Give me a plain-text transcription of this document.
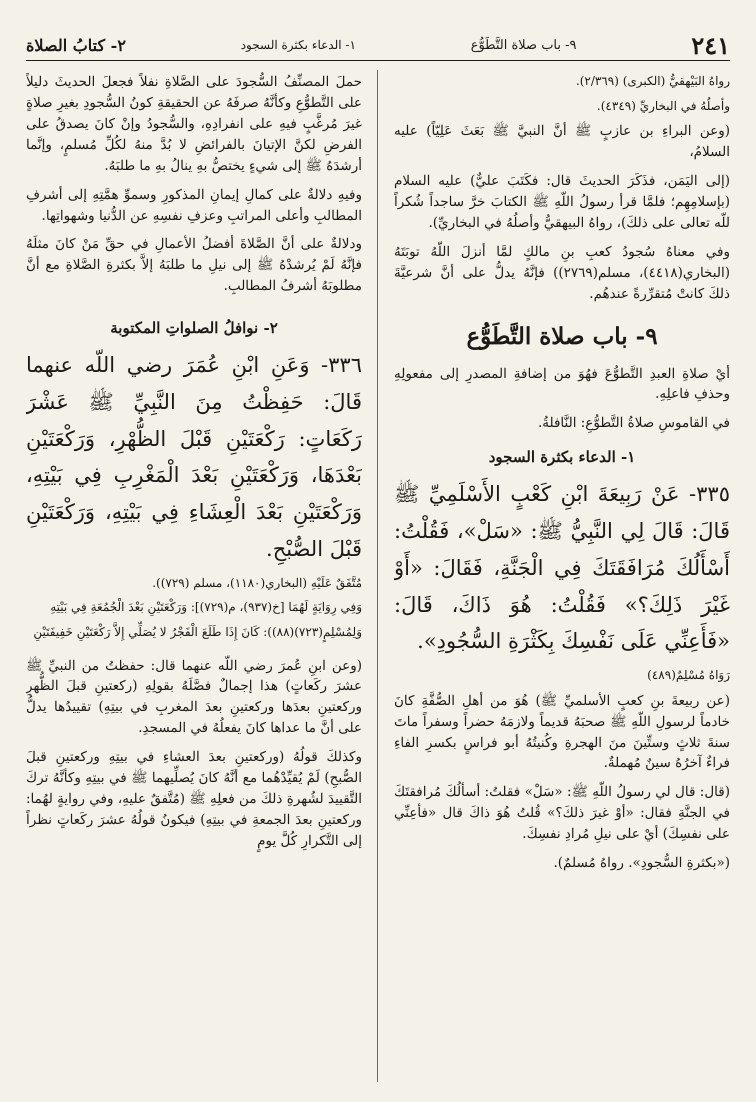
٢٤١
٩- باب صلاة التَّطَوُّع
١- الدعاء بكثرة السجود
٢- كتابُ الصلاة

رواهُ البَيْهقيُّ (الكبرى) (٢/٣٦٩).

وأصلُهُ في البخاريِّ (٤٣٤٩).

(وعن البراءِ بن عازبٍ ﷺ أنَّ النبيَّ ﷺ بَعَثَ عَلِيّاً) عليه السلامُ،

(إلى اليَمَن، فذَكَرَ الحديثَ قال: فكَتَبَ عليٌّ) عليه السلام (بإسلامِهِم؛ فلمَّا قرأ رسولُ اللّهِ ﷺ الكتابَ خرَّ ساجداً شُكراً للّه تعالى على ذلكَ)، رواهُ البيهقيُّ وأصلُهُ في البخاريِّ).

وفي معناهُ سُجودُ كعبِ بنِ مالكٍ لمَّا أنزلَ اللّهُ توبَتَهُ (البخاري(٤٤١٨)، مسلم(٢٧٦٩)) فإنَّهُ يدلُّ على أنَّ شرعيَّةَ ذلكَ كانتْ مُتقرِّرةً عندهُم.

٩- باب صلاة التَّطَوُّع

أيْ صلاةِ العبدِ التَّطوُّعَ فهُوَ من إضافةِ المصدرِ إلى مفعولِهِ وحذفِ فاعلِهِ.

في القاموسِ صلاةُ التَّطوُّعِ: النَّافلةُ.

١- الدعاء بكثرة السجود

٣٣٥- عَنْ رَبِيعَةَ ابْنِ كَعْبٍ الأَسْلَمِيِّ ﷺ قَالَ: قَالَ لِي النَّبِيُّ ﷺ: «سَلْ»، فَقُلْتُ: أَسْأَلُكَ مُرَافَقَتَكَ فِي الْجَنَّةِ، فَقَالَ: «أَوْ غَيْرَ ذَلِكَ؟» فَقُلْتُ: هُوَ ذَاكَ، قَالَ: «فَأَعِنِّي عَلَى نَفْسِكَ بِكَثْرَةِ السُّجُودِ».

رَوَاهُ مُسْلِمٌ(٤٨٩)

(عن ربيعةَ بنِ كعبٍ الأسلميِّ ﷺ) هُوَ من أهلِ الصُّفَّةِ كانَ خادماً لرسولِ اللّهِ ﷺ صحبَهُ قديماً ولازمَهُ حضراً وسفراً ماتَ سنةَ ثلاثٍ وستِّينَ منَ الهجرةِ وكُنيتُهُ أبو فراسٍ بكسرِ الفاءِ فراءٌ آخرُهُ سينٌ مُهملةٌ.

(قال: قال لي رسولُ اللّهِ ﷺ: «سَلْ» فقلتُ: أسألُكَ مُرافقتَكَ في الجنَّةِ فقال: «أوْ غيرَ ذلكَ؟» قُلتُ هُوَ ذاكَ قال «فأعِنِّي على نفسِكَ) أيْ على نيلِ مُرادِ نفسِكَ.

(«بكثرةِ السُّجودِ». رواهُ مُسلمٌ).

حملَ المصنِّفُ السُّجودَ على الصَّلاةِ نفلاً فجعلَ الحديثَ دليلاً على التَّطوُّعِ وكأنَّهُ صرفَهُ عن الحقيقةِ كونُ السُّجودِ بغيرِ صلاةٍ غيرَ مُرغَّبٍ فيهِ على انفرادِهِ، والسُّجودُ وإنْ كانَ يصدقُ على الفرضِ لكنَّ الإتيانَ بالفرائضِ لا بُدَّ منهُ لكُلِّ مُسلمٍ، وإنَّما أرشدَهُ ﷺ إلى شيءٍ يختصُّ بهِ ينالُ بهِ ما طلبَهُ.

وفيهِ دلالةٌ على كمالِ إيمانِ المذكورِ وسموِّ همَّتِهِ إلى أشرفِ المطالبِ وأعلى المراتبِ وعزفِ نفسِهِ عن الدُّنيا وشهواتِها.

ودلالةٌ على أنَّ الصَّلاةَ أفضلُ الأعمالِ في حقِّ مَنْ كانَ مثلَهُ فإنَّهُ لَمْ يُرشدْهُ ﷺ إلى نيلِ ما طلبَهُ إلاَّ بكثرةِ الصَّلاةِ مع أنَّ مطلوبَهُ أشرفُ المطالبِ.

٢- نوافلُ الصلواتِ المكتوبة

٣٣٦- وَعَنِ ابْنِ عُمَرَ رضي اللّه عنهما قَالَ: حَفِظْتُ مِنَ النَّبِيِّ ﷺ عَشْرَ رَكَعَاتٍ: رَكْعَتَيْنِ قَبْلَ الظُّهْرِ، وَرَكْعَتَيْنِ بَعْدَهَا، وَرَكْعَتَيْنِ بَعْدَ الْمَغْرِبِ فِي بَيْتِهِ، وَرَكْعَتَيْنِ بَعْدَ الْعِشَاءِ فِي بَيْتِهِ، وَرَكْعَتَيْنِ قَبْلَ الصُّبْحِ.

مُتَّفَقٌ عَلَيْهِ (البخاري(١١٨٠)، مسلم (٧٢٩)).

وَفِي رِوَايَةٍ لَهُمَا [خ(٩٣٧)، م(٧٢٩)]: وَرَكْعَتَيْنِ بَعْدَ الْجُمُعَةِ فِي بَيْتِهِ

وَلِمُسْلِمٍ(٧٢٣)(٨٨)): كَانَ إِذَا طَلَعَ الْفَجْرُ لا يُصَلِّي إِلاَّ رَكْعَتَيْنِ خَفِيفَتَيْنِ

(وعن ابنِ عُمرَ رضي اللّه عنهما قال: حفظتُ من النبيِّ ﷺ عشرَ ركَعاتٍ) هذا إجمالٌ فصَّلَهُ بقولِهِ (ركعتينِ قبلَ الظُّهرِ وركعتينِ بعدَها وركعتينِ بعدَ المغربِ في بيتِهِ) تقييدُها يدلُّ على أنَّ ما عداها كانَ يفعلُهُ في المسجدِ.

وكذلكَ قولُهُ (وركعتينِ بعدَ العشاءِ في بيتِهِ وركعتينِ قبلَ الصُّبحِ) لَمْ يُقيِّدْهُما مع أنَّهُ كانَ يُصلِّيهما ﷺ في بيتِهِ وكأنَّهُ تركَ التَّقييدَ لشُهرةِ ذلكَ من فعلِهِ ﷺ (مُتَّفقٌ عليهِ، وفي روايةٍ لهُما: وركعتينِ بعدَ الجمعةِ في بيتِهِ) فيكونُ قولُهُ عشرَ ركَعاتٍ نظراً إلى التَّكرارِ كُلَّ يومٍ
